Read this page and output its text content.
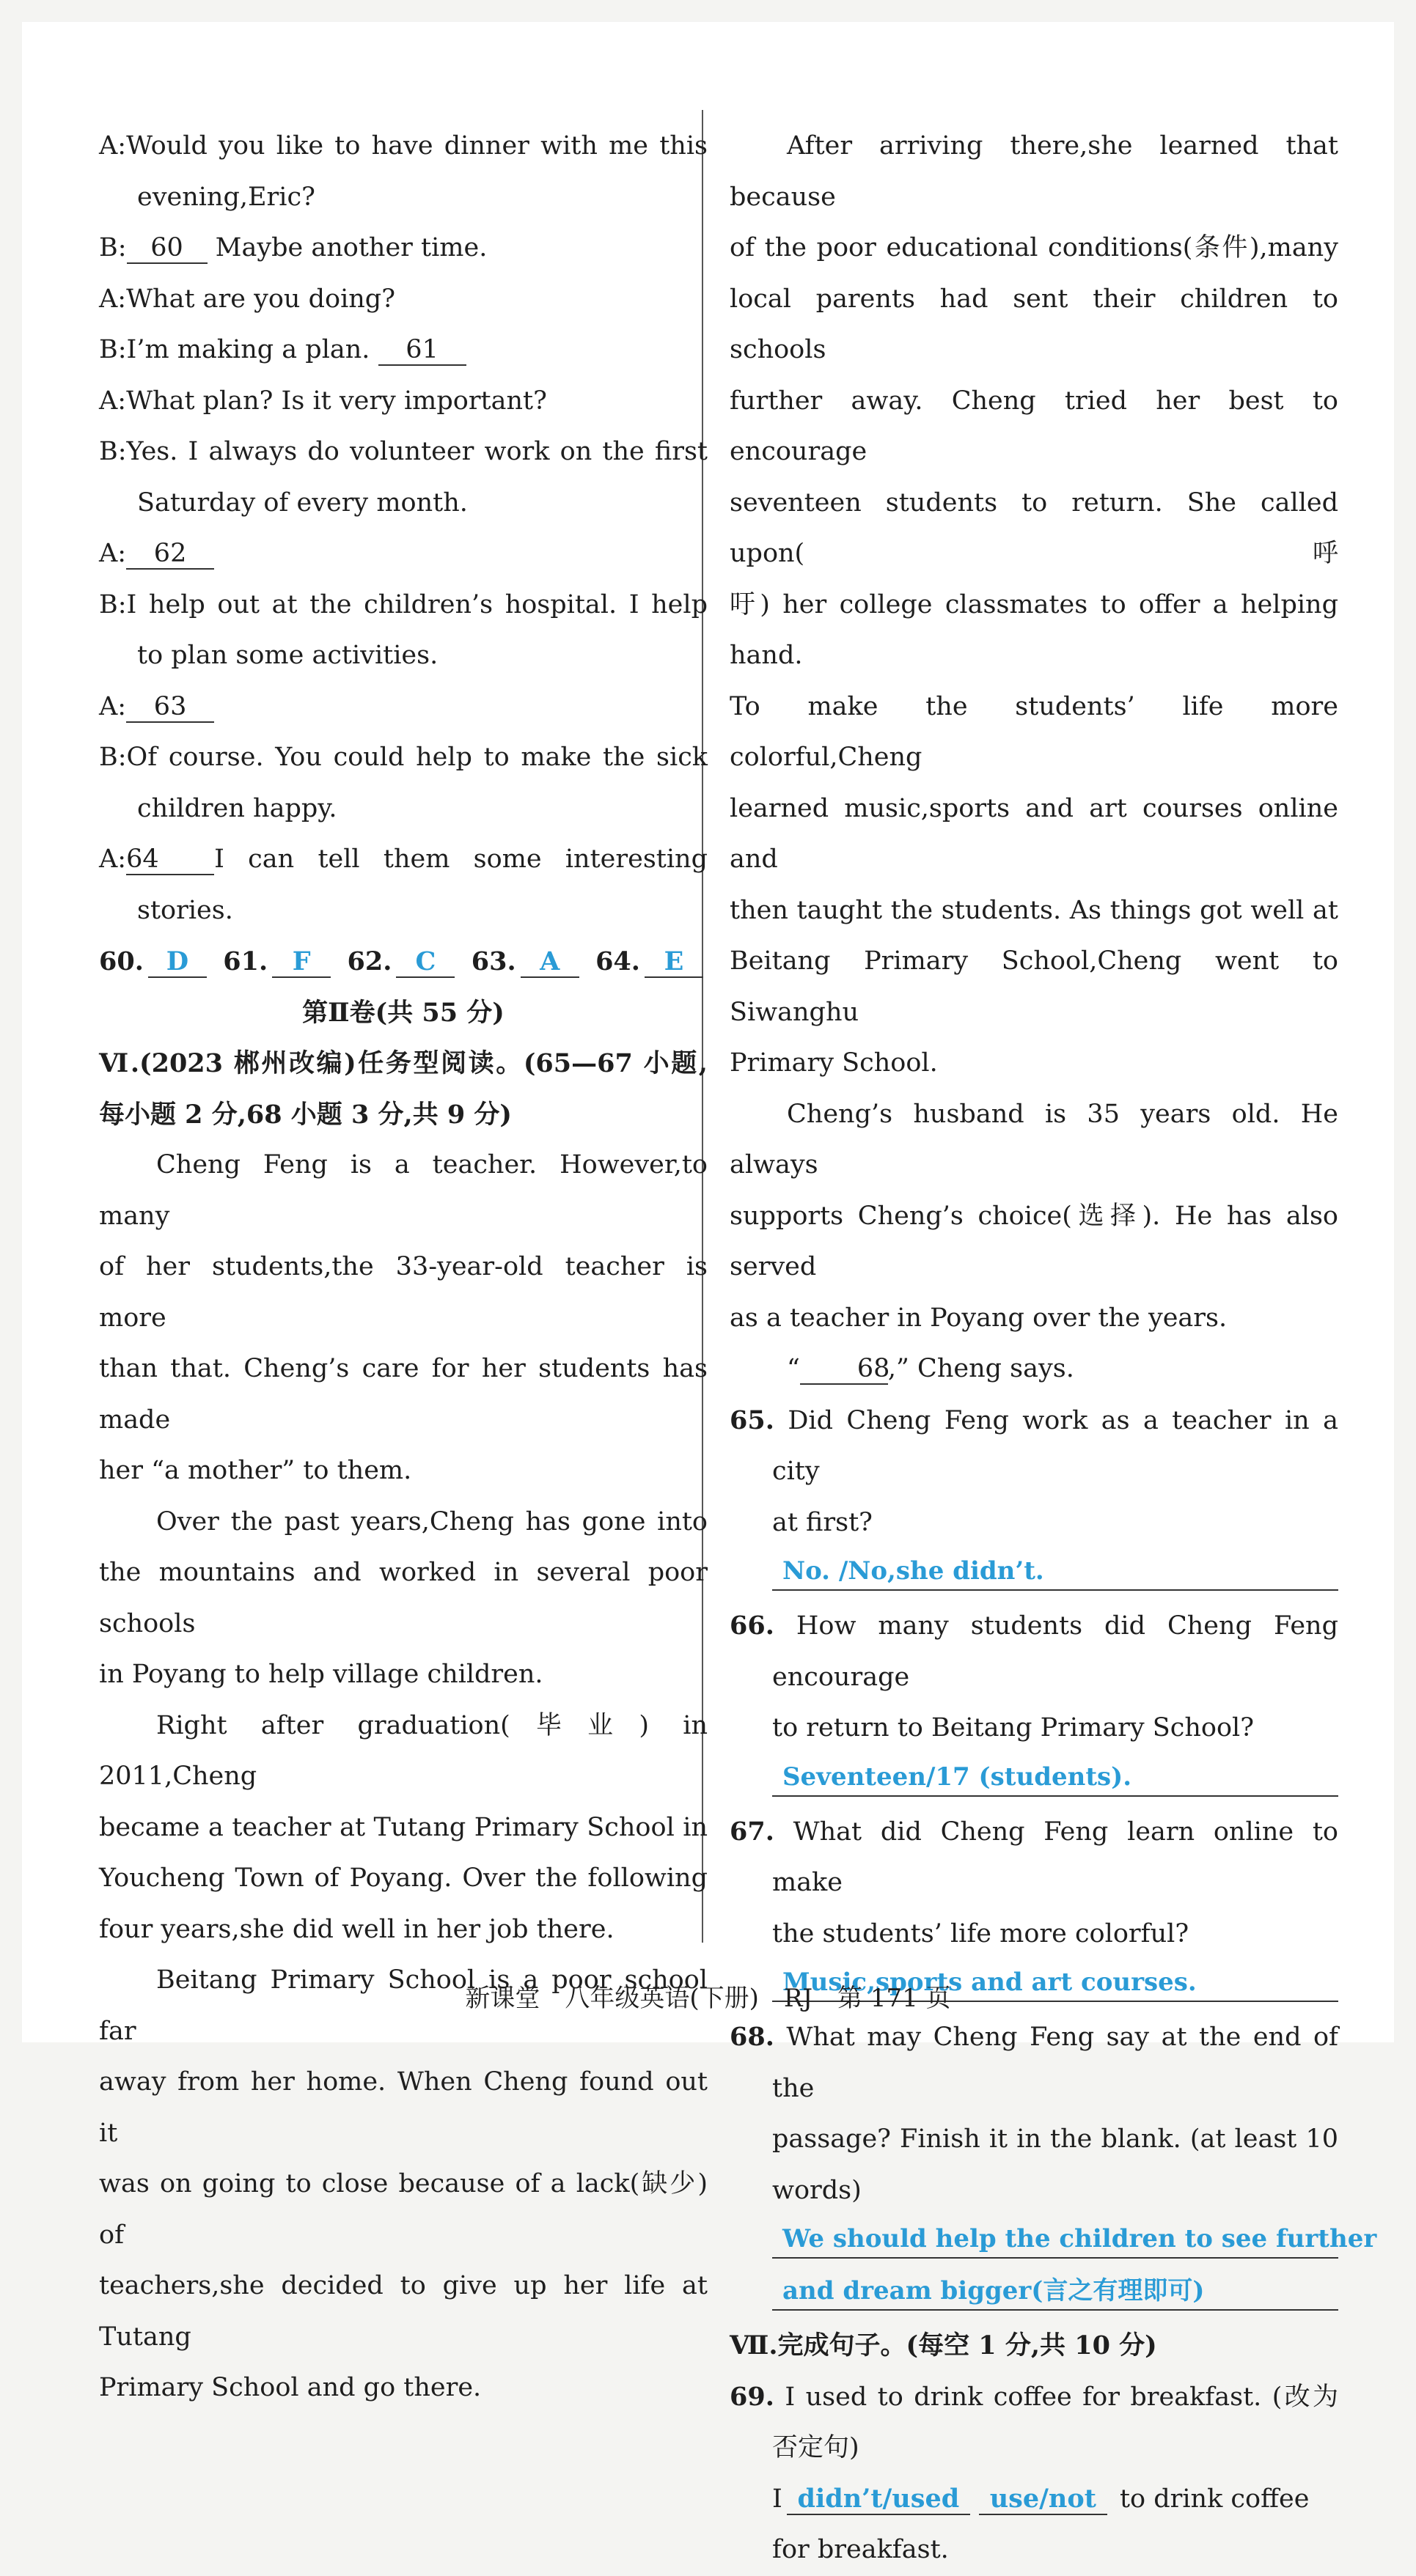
A:Would you like to have dinner with me this
evening,Eric?
B: 60 Maybe another time.
A:What are you doing?
B:I’m making a plan. 61
A:What plan? Is it very important?
B:Yes. I always do volunteer work on the first
Saturday of every month.
A: 62
B:I help out at the children’s hospital. I help
to plan some activities.
A: 63
B:Of course. You could help to make the sick
children happy.
A:64 I can tell them some interesting
stories.
60. D	61. F	62. C	63. A	64. E
第Ⅱ卷(共 55 分)
Ⅵ.(2023 郴州改编)任务型阅读。(65—67 小题,
每小题 2 分,68 小题 3 分,共 9 分)
Cheng Feng is a teacher. However,to many
of her students,the 33-year-old teacher is more
than that. Cheng’s care for her students has made
her “a mother” to them.
Over the past years,Cheng has gone into
the mountains and worked in several poor schools
in Poyang to help village children.
Right after graduation(毕业) in 2011,Cheng
became a teacher at Tutang Primary School in
Youcheng Town of Poyang. Over the following
four years,she did well in her job there.
Beitang Primary School is a poor school far
away from her home. When Cheng found out it
was on going to close because of a lack(缺少) of
teachers,she decided to give up her life at Tutang
Primary School and go there.
After arriving there,she learned that because
of the poor educational conditions(条件),many
local parents had sent their children to schools
further away. Cheng tried her best to encourage
seventeen students to return. She called upon(呼
吁) her college classmates to offer a helping hand.
To make the students’ life more colorful,Cheng
learned music,sports and art courses online and
then taught the students. As things got well at
Beitang Primary School,Cheng went to Siwanghu
Primary School.
Cheng’s husband is 35 years old. He always
supports Cheng’s choice(选择). He has also served
as a teacher in Poyang over the years.
“ 68,” Cheng says.
65. Did Cheng Feng work as a teacher in a city
at first?
No. /No,she didn’t.
66. How many students did Cheng Feng encourage
to return to Beitang Primary School?
Seventeen/17 (students).
67. What did Cheng Feng learn online to make
the students’ life more colorful?
Music,sports and art courses.
68. What may Cheng Feng say at the end of the
passage? Finish it in the blank. (at least 10
words)
We should help the children to see further
and dream bigger(言之有理即可)
Ⅶ.完成句子。(每空 1 分,共 10 分)
69. I used to drink coffee for breakfast. (改为
否定句)
I didn’t/used use/not to drink coffee
for breakfast.
新课堂　八年级英语(下册)　RJ　第 171 页
